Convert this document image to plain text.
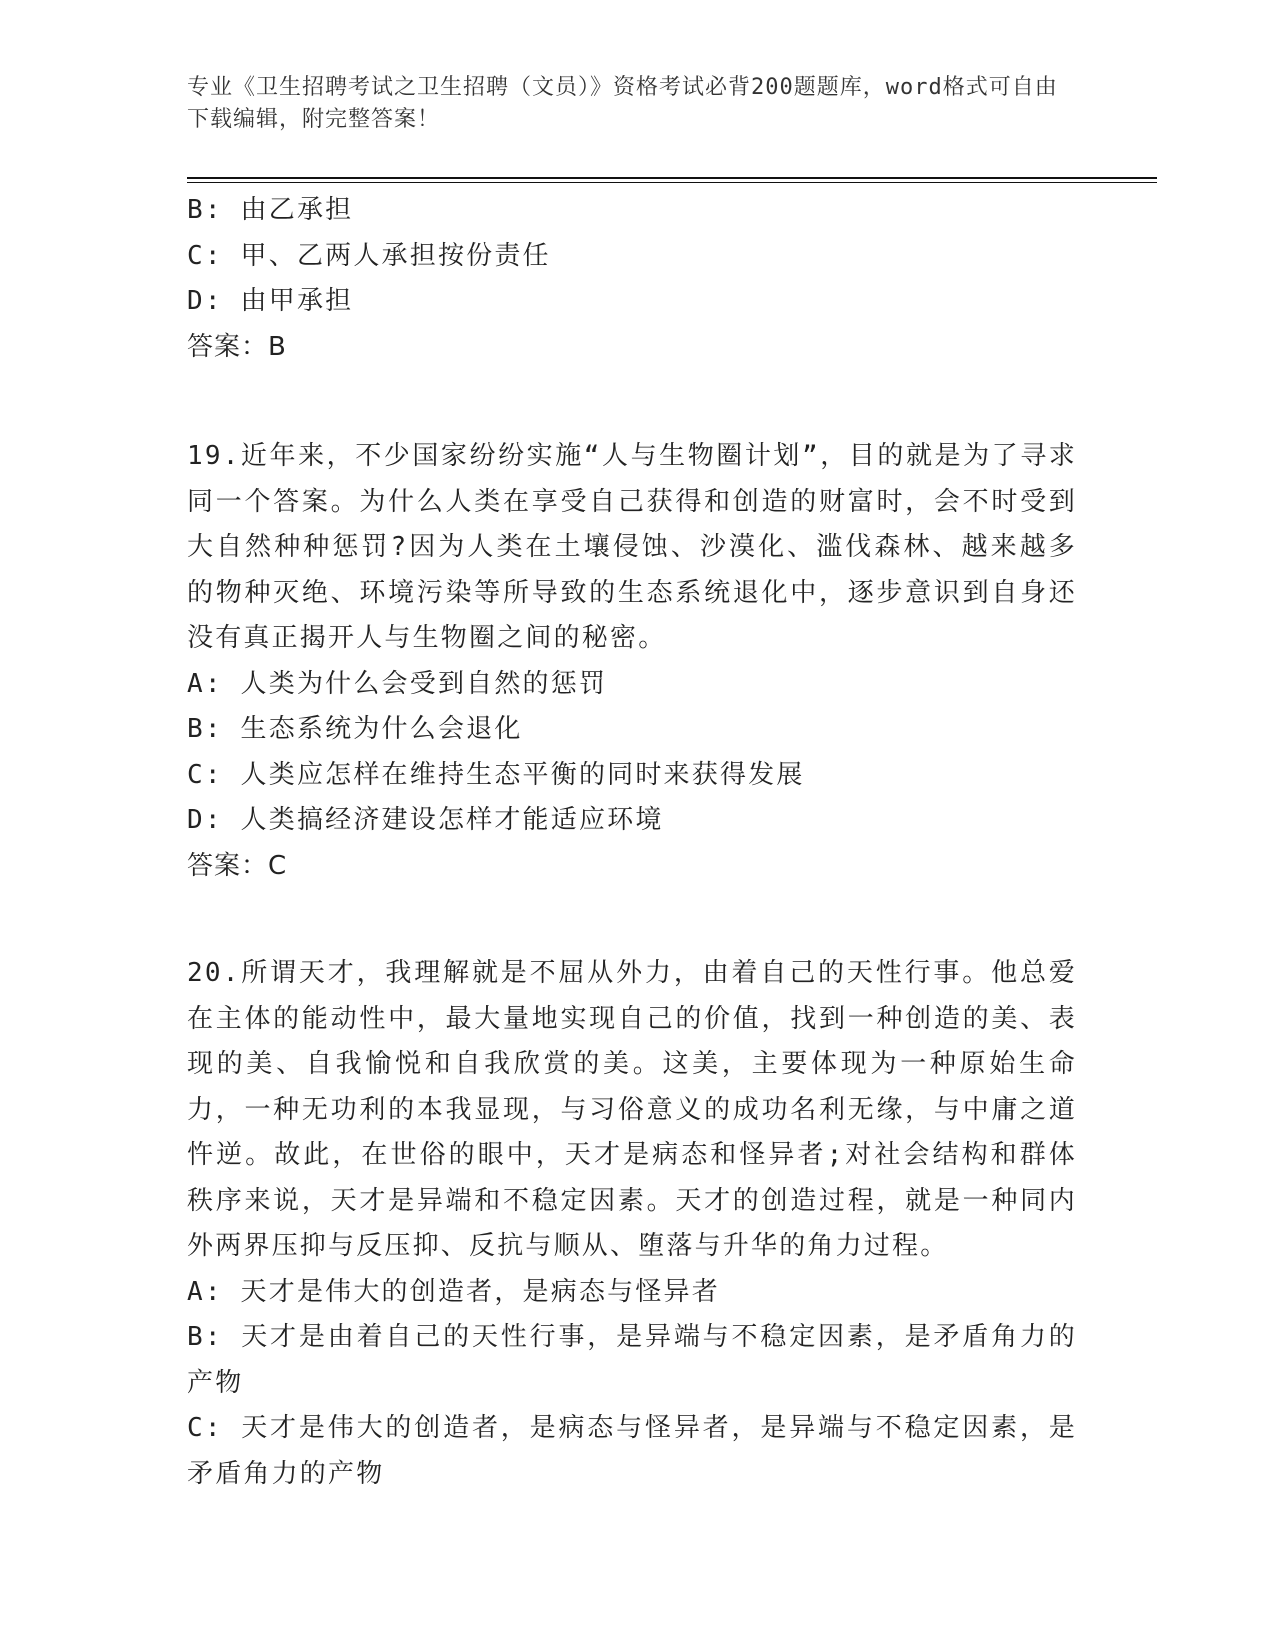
专业《卫生招聘考试之卫生招聘（文员）》资格考试必背200题题库，word格式可自由下载编辑，附完整答案！
B: 由乙承担
C: 甲、乙两人承担按份责任
D: 由甲承担
答案：B
19.近年来，不少国家纷纷实施“人与生物圈计划”，目的就是为了寻求同一个答案。为什么人类在享受自己获得和创造的财富时，会不时受到大自然种种惩罚?因为人类在土壤侵蚀、沙漠化、滥伐森林、越来越多的物种灭绝、环境污染等所导致的生态系统退化中，逐步意识到自身还没有真正揭开人与生物圈之间的秘密。
A: 人类为什么会受到自然的惩罚
B: 生态系统为什么会退化
C: 人类应怎样在维持生态平衡的同时来获得发展
D: 人类搞经济建设怎样才能适应环境
答案：C
20.所谓天才，我理解就是不屈从外力，由着自己的天性行事。他总爱在主体的能动性中，最大量地实现自己的价值，找到一种创造的美、表现的美、自我愉悦和自我欣赏的美。这美，主要体现为一种原始生命力，一种无功利的本我显现，与习俗意义的成功名利无缘，与中庸之道忤逆。故此，在世俗的眼中，天才是病态和怪异者;对社会结构和群体秩序来说，天才是异端和不稳定因素。天才的创造过程，就是一种同内外两界压抑与反压抑、反抗与顺从、堕落与升华的角力过程。
A: 天才是伟大的创造者，是病态与怪异者
B: 天才是由着自己的天性行事，是异端与不稳定因素，是矛盾角力的产物
C: 天才是伟大的创造者，是病态与怪异者，是异端与不稳定因素，是矛盾角力的产物
